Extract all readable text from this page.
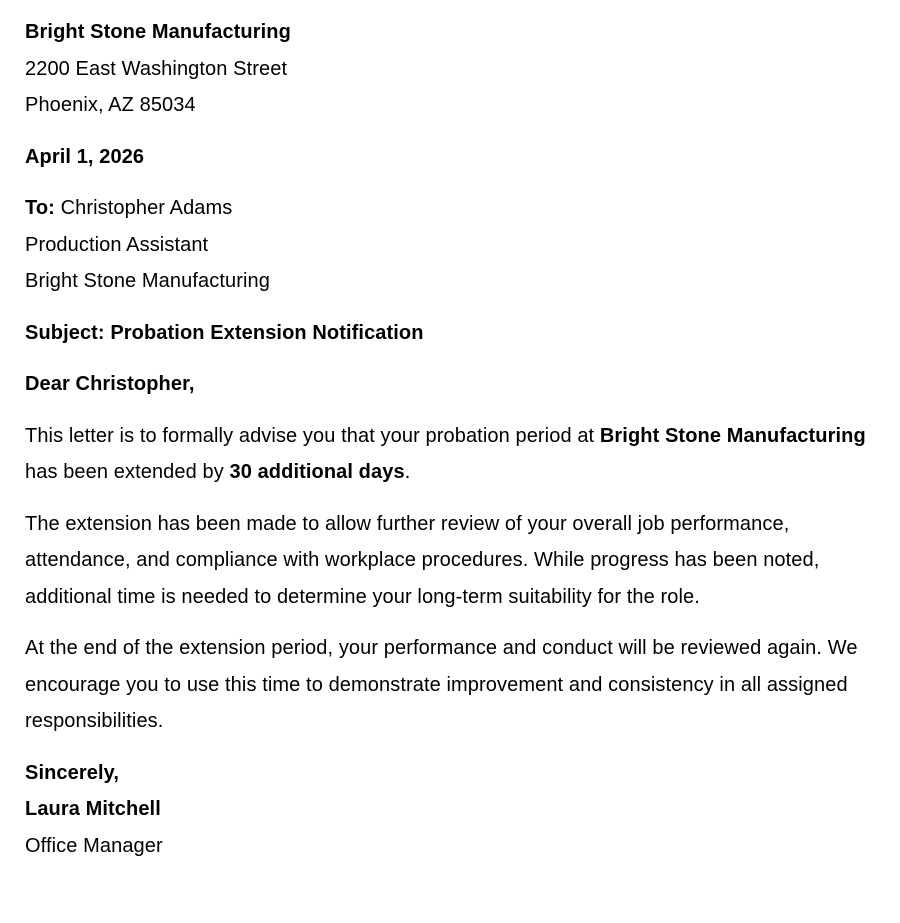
Bright Stone Manufacturing
2200 East Washington Street
Phoenix, AZ 85034
April 1, 2026
To: Christopher Adams
Production Assistant
Bright Stone Manufacturing
Subject: Probation Extension Notification
Dear Christopher,

This letter is to formally advise you that your probation period at Bright Stone Manufacturing has been extended by 30 additional days.

The extension has been made to allow further review of your overall job performance, attendance, and compliance with workplace procedures. While progress has been noted, additional time is needed to determine your long-term suitability for the role.

At the end of the extension period, your performance and conduct will be reviewed again. We encourage you to use this time to demonstrate improvement and consistency in all assigned responsibilities.

Sincerely,
Laura Mitchell
Office Manager
